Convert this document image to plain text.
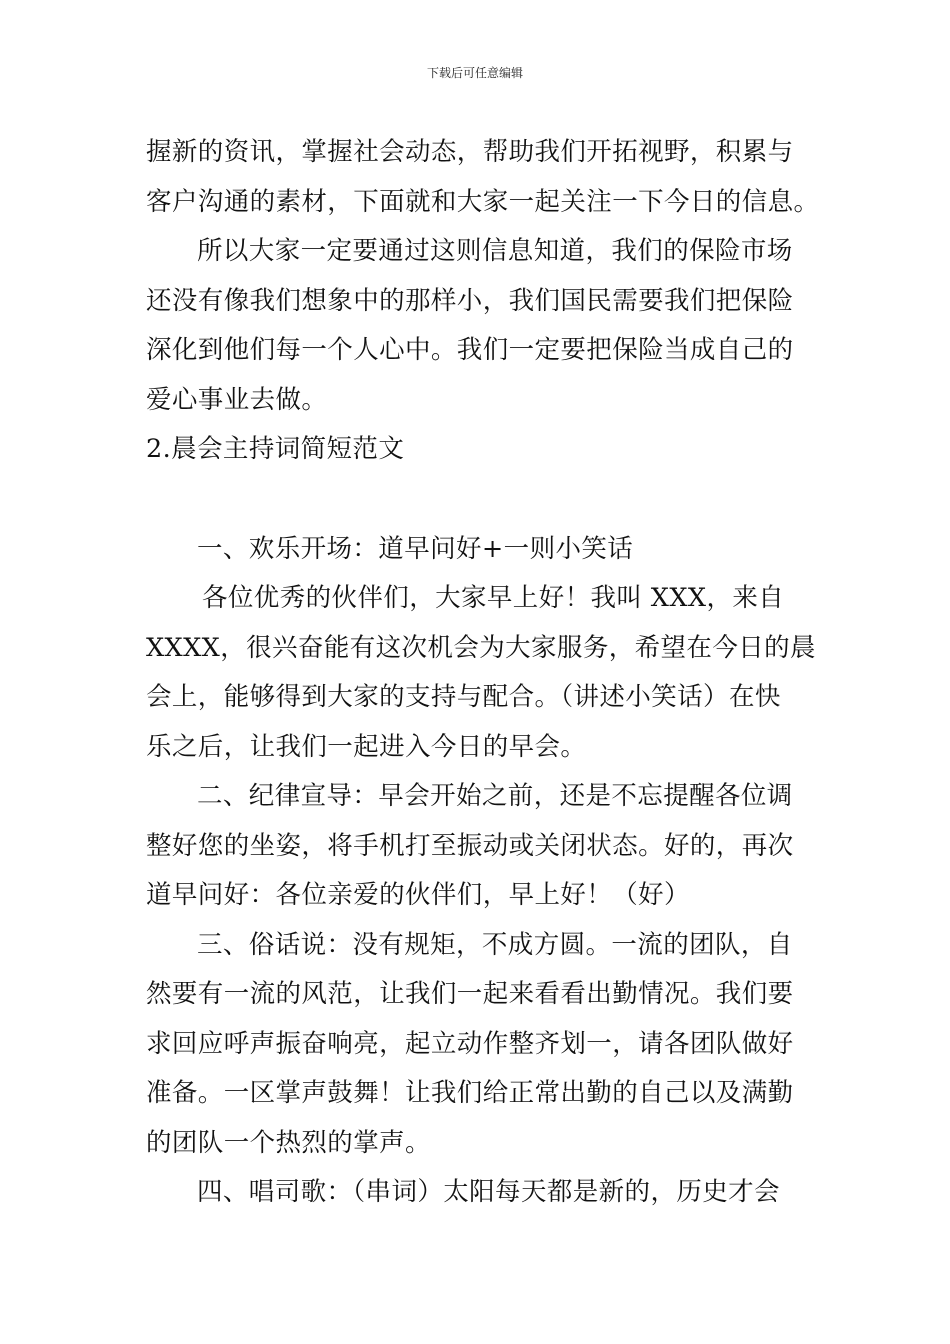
下载后可任意编辑
握新的资讯，掌握社会动态，帮助我们开拓视野，积累与
客户沟通的素材，下面就和大家一起关注一下今日的信息。
所以大家一定要通过这则信息知道，我们的保险市场
还没有像我们想象中的那样小，我们国民需要我们把保险
深化到他们每一个人心中。我们一定要把保险当成自己的
爱心事业去做。
2.晨会主持词简短范文
一、欢乐开场：道早问好+一则小笑话
各位优秀的伙伴们，大家早上好！我叫 XXX，来自
XXXX，很兴奋能有这次机会为大家服务，希望在今日的晨
会上，能够得到大家的支持与配合。（讲述小笑话）在快
乐之后，让我们一起进入今日的早会。
二、纪律宣导：早会开始之前，还是不忘提醒各位调
整好您的坐姿，将手机打至振动或关闭状态。好的，再次
道早问好：各位亲爱的伙伴们，早上好！（好）
三、俗话说：没有规矩，不成方圆。一流的团队，自
然要有一流的风范，让我们一起来看看出勤情况。我们要
求回应呼声振奋响亮，起立动作整齐划一，请各团队做好
准备。一区掌声鼓舞！让我们给正常出勤的自己以及满勤
的团队一个热烈的掌声。
四、唱司歌：（串词）太阳每天都是新的，历史才会
